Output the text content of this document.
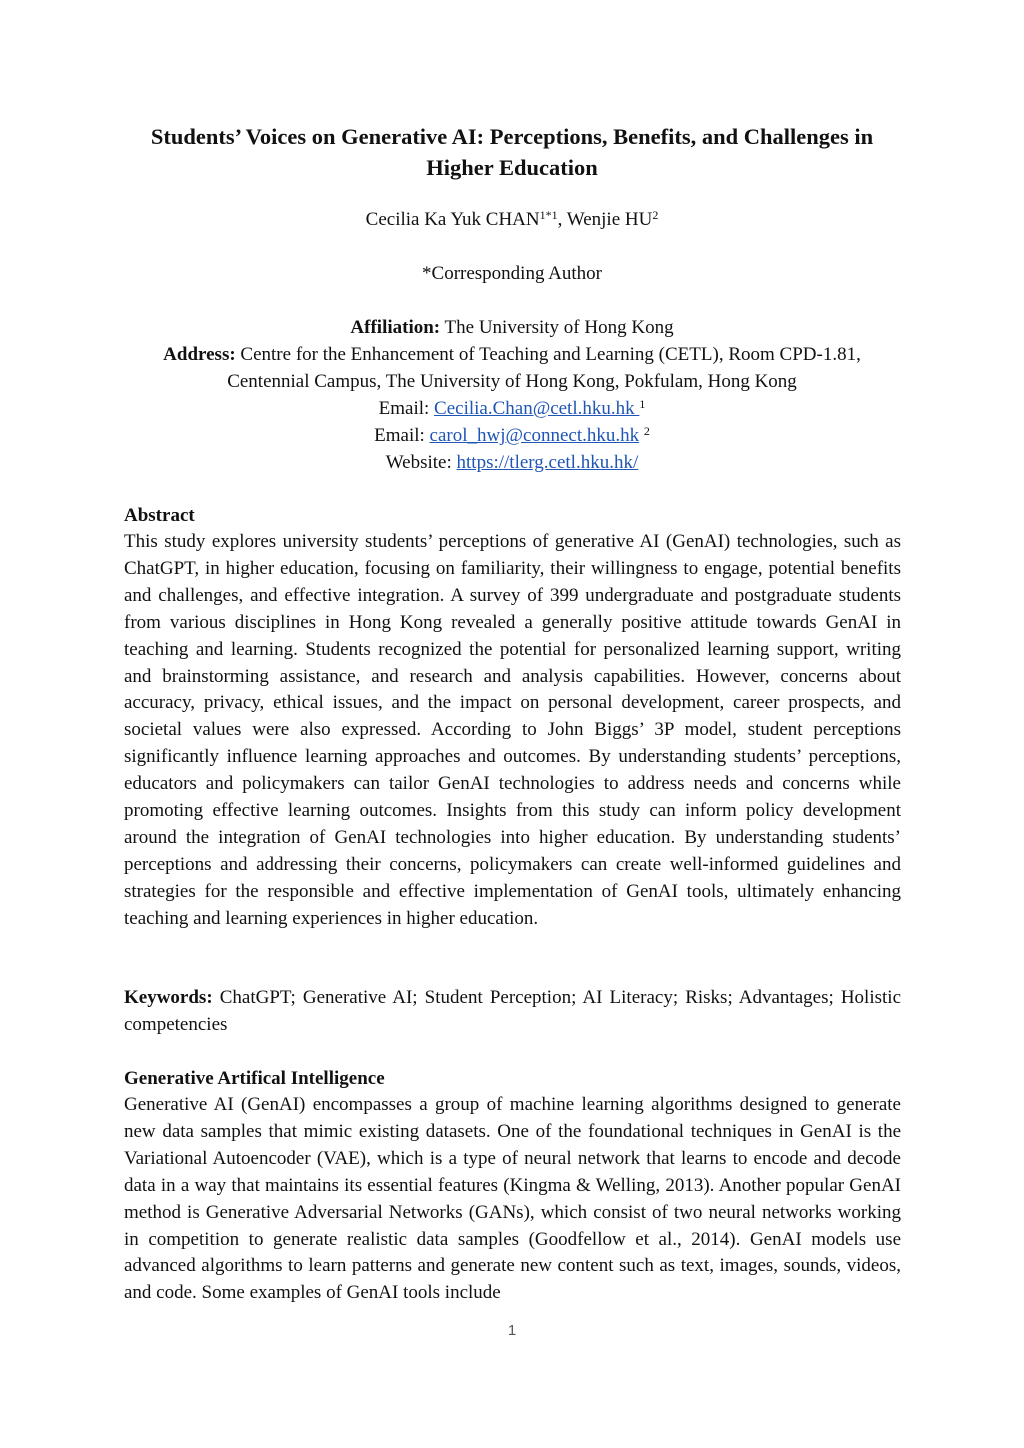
Students’ Voices on Generative AI: Perceptions, Benefits, and Challenges in
Higher Education
Cecilia Ka Yuk $CHAN^{1*1}$, Wenjie $HU^2$
*Corresponding Author
Affiliation: The University of Hong Kong
Address: Centre for the Enhancement of Teaching and Learning (CETL), Room CPD-1.81,
Centennial Campus, The University of Hong Kong, Pokfulam, Hong Kong
Email: Cecilia.Chan@cetl.hku.hk $^1$
Email: carol_hwj@connect.hku.hk $^2$
Website: https://tlerg.cetl.hku.hk/
Abstract
This study explores university students’ perceptions of generative AI (GenAI) technologies, such as ChatGPT, in higher education, focusing on familiarity, their willingness to engage, potential benefits and challenges, and effective integration. A survey of 399 undergraduate and postgraduate students from various disciplines in Hong Kong revealed a generally positive attitude towards GenAI in teaching and learning. Students recognized the potential for personalized learning support, writing and brainstorming assistance, and research and analysis capabilities. However, concerns about accuracy, privacy, ethical issues, and the impact on personal development, career prospects, and societal values were also expressed. According to John Biggs’ 3P model, student perceptions significantly influence learning approaches and outcomes. By understanding students’ perceptions, educators and policymakers can tailor GenAI technologies to address needs and concerns while promoting effective learning outcomes. Insights from this study can inform policy development around the integration of GenAI technologies into higher education. By understanding students’ perceptions and addressing their concerns, policymakers can create well-informed guidelines and strategies for the responsible and effective implementation of GenAI tools, ultimately enhancing teaching and learning experiences in higher education.
Keywords: ChatGPT; Generative AI; Student Perception; AI Literacy; Risks; Advantages; Holistic competencies
Generative Artifical Intelligence
Generative AI (GenAI) encompasses a group of machine learning algorithms designed to generate new data samples that mimic existing datasets. One of the foundational techniques in GenAI is the Variational Autoencoder (VAE), which is a type of neural network that learns to encode and decode data in a way that maintains its essential features (Kingma & Welling, 2013). Another popular GenAI method is Generative Adversarial Networks (GANs), which consist of two neural networks working in competition to generate realistic data samples (Goodfellow et al., 2014). GenAI models use advanced algorithms to learn patterns and generate new content such as text, images, sounds, videos, and code. Some examples of GenAI tools include
1
